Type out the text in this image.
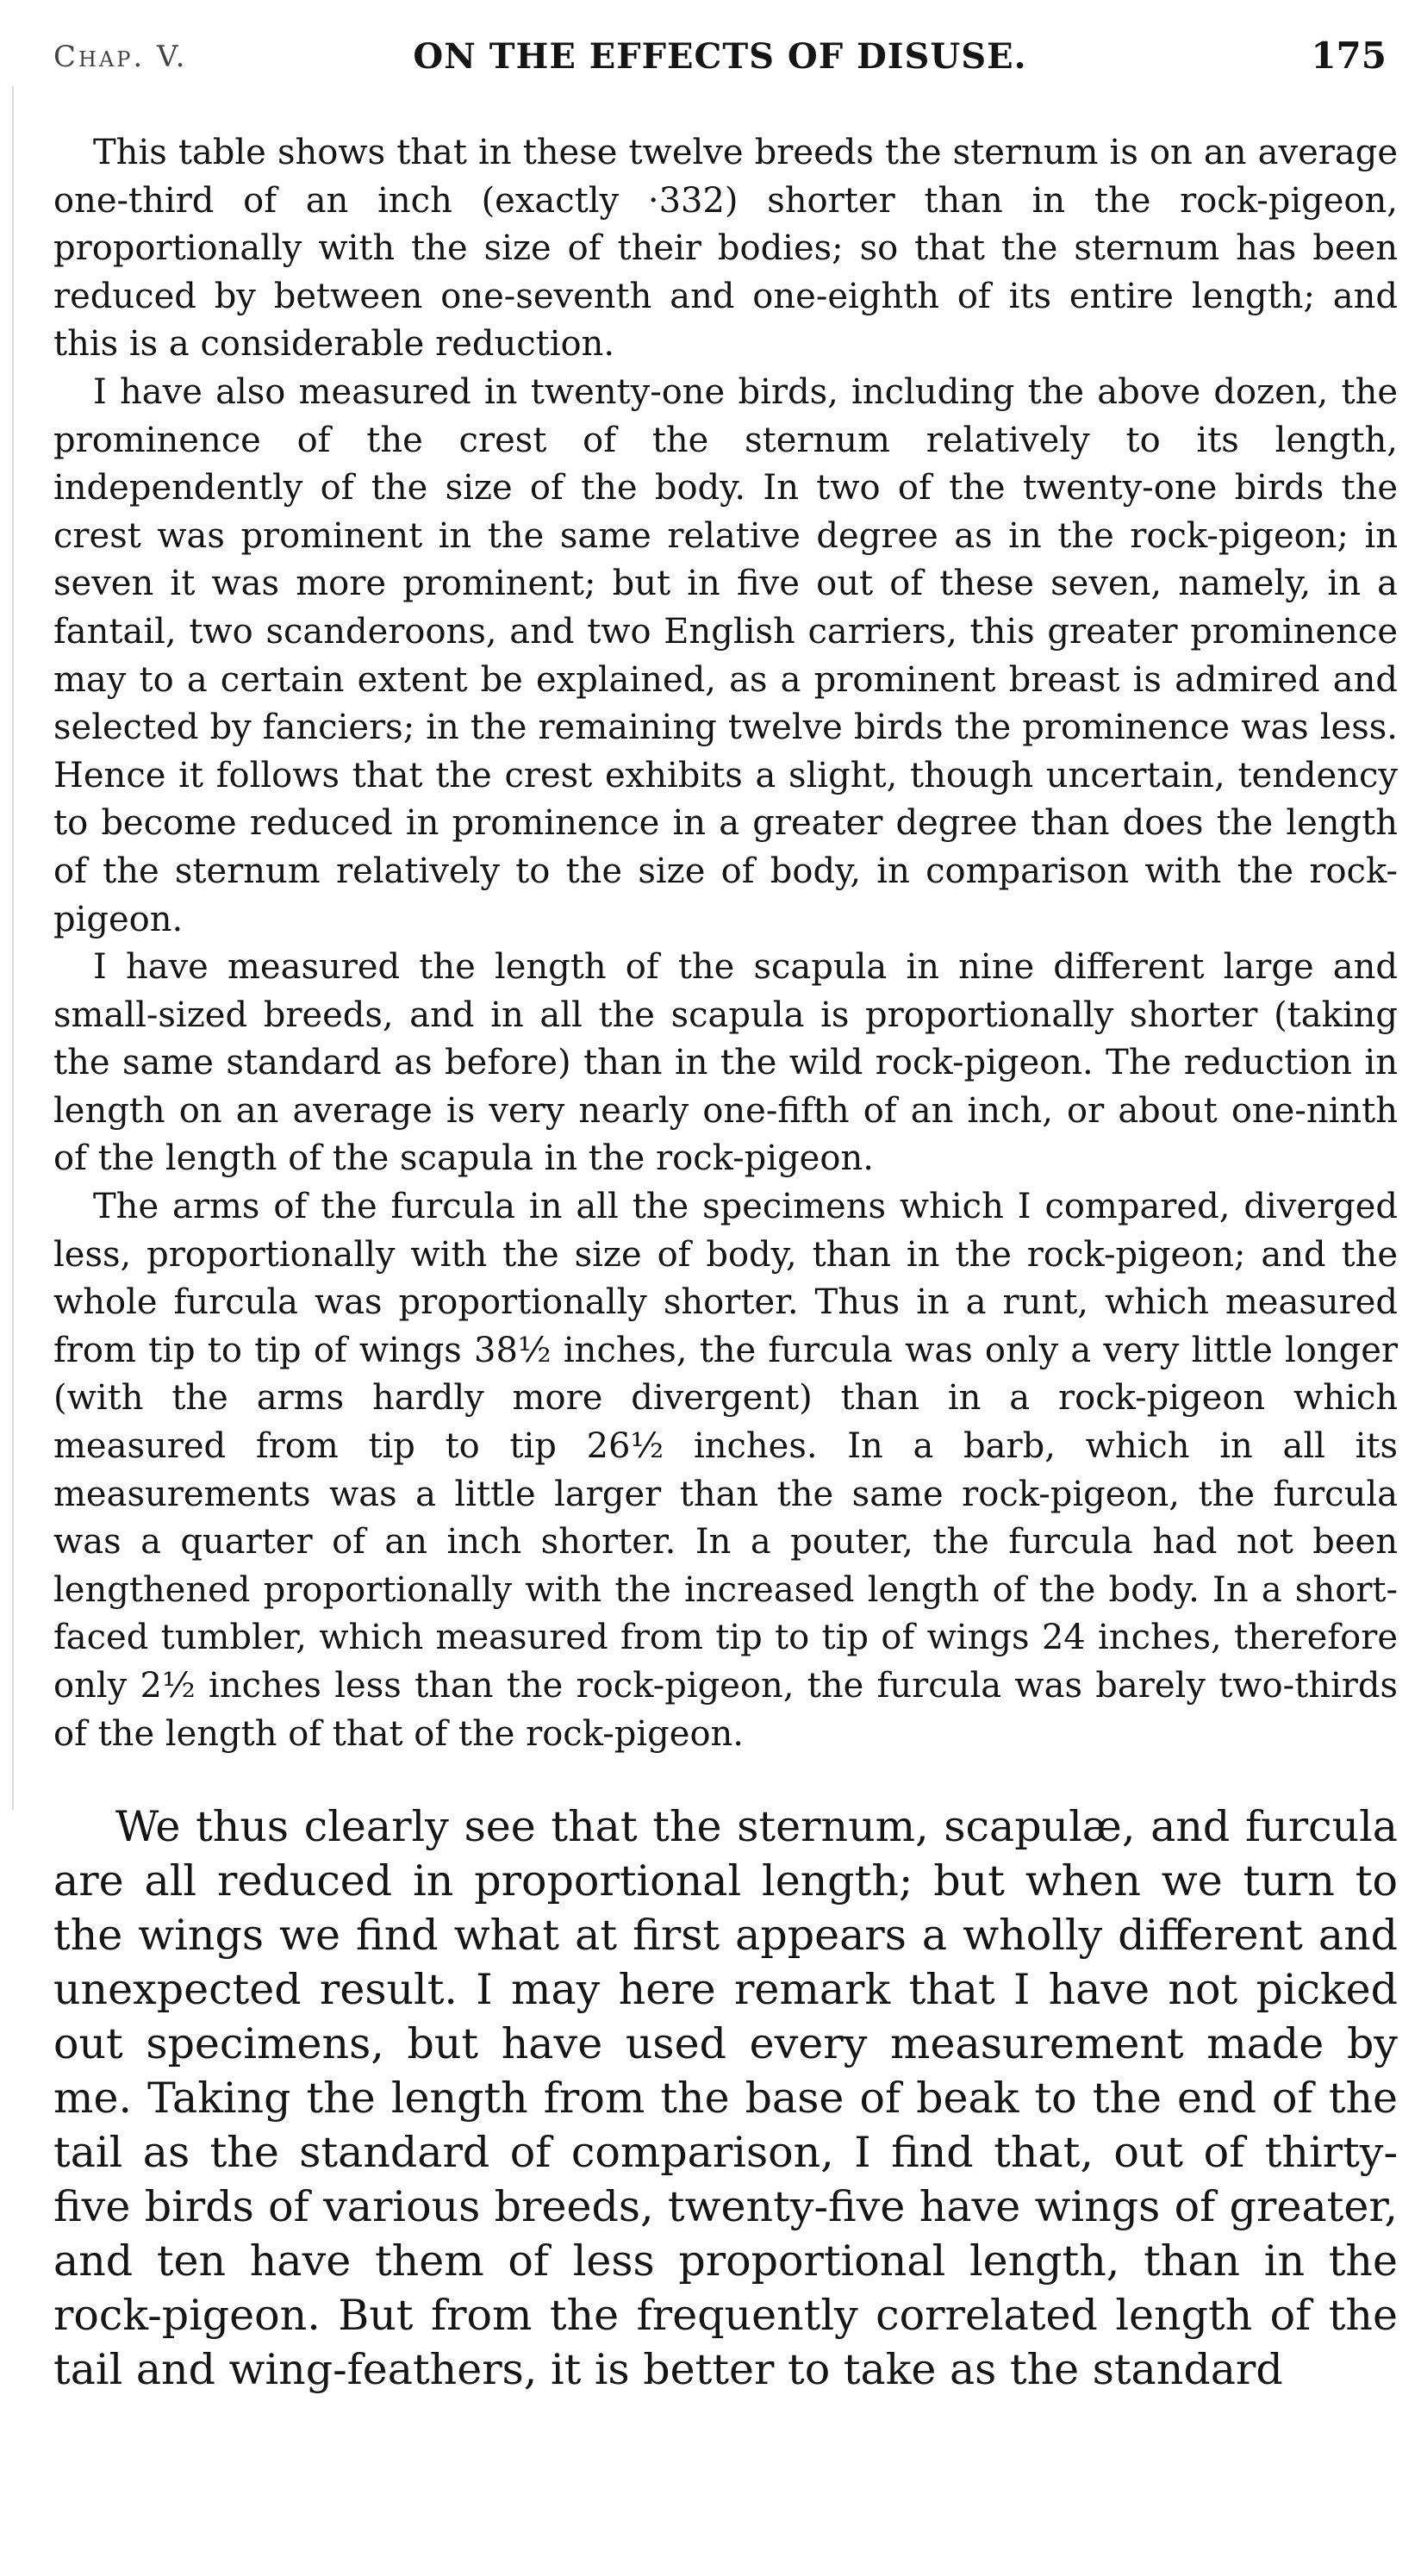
Chap. V.	ON THE EFFECTS OF DISUSE.	175

This table shows that in these twelve breeds the sternum is on an average one-third of an inch (exactly ·332) shorter than in the rock-pigeon, proportionally with the size of their bodies; so that the sternum has been reduced by between one-seventh and one-eighth of its entire length; and this is a considerable reduction.

I have also measured in twenty-one birds, including the above dozen, the prominence of the crest of the sternum relatively to its length, independently of the size of the body. In two of the twenty-one birds the crest was prominent in the same relative degree as in the rock-pigeon; in seven it was more prominent; but in five out of these seven, namely, in a fantail, two scanderoons, and two English carriers, this greater prominence may to a certain extent be explained, as a prominent breast is admired and selected by fanciers; in the remaining twelve birds the prominence was less. Hence it follows that the crest exhibits a slight, though uncertain, tendency to become reduced in prominence in a greater degree than does the length of the sternum relatively to the size of body, in comparison with the rock-pigeon.

I have measured the length of the scapula in nine different large and small-sized breeds, and in all the scapula is proportionally shorter (taking the same standard as before) than in the wild rock-pigeon. The reduction in length on an average is very nearly one-fifth of an inch, or about one-ninth of the length of the scapula in the rock-pigeon.

The arms of the furcula in all the specimens which I compared, diverged less, proportionally with the size of body, than in the rock-pigeon; and the whole furcula was proportionally shorter. Thus in a runt, which measured from tip to tip of wings 38½ inches, the furcula was only a very little longer (with the arms hardly more divergent) than in a rock-pigeon which measured from tip to tip 26½ inches. In a barb, which in all its measurements was a little larger than the same rock-pigeon, the furcula was a quarter of an inch shorter. In a pouter, the furcula had not been lengthened proportionally with the increased length of the body. In a short-faced tumbler, which measured from tip to tip of wings 24 inches, therefore only 2½ inches less than the rock-pigeon, the furcula was barely two-thirds of the length of that of the rock-pigeon.

We thus clearly see that the sternum, scapulæ, and furcula are all reduced in proportional length; but when we turn to the wings we find what at first appears a wholly different and unexpected result. I may here remark that I have not picked out specimens, but have used every measurement made by me. Taking the length from the base of beak to the end of the tail as the standard of comparison, I find that, out of thirty-five birds of various breeds, twenty-five have wings of greater, and ten have them of less proportional length, than in the rock-pigeon. But from the frequently correlated length of the tail and wing-feathers, it is better to take as the standard
